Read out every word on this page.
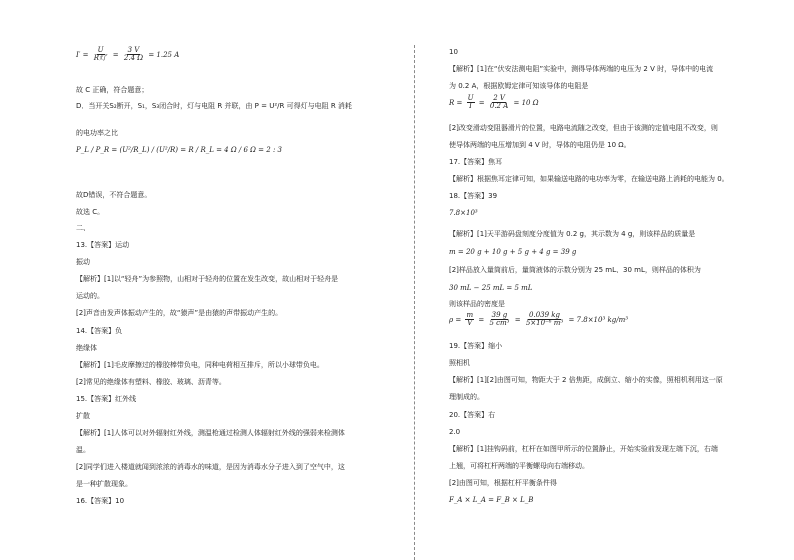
$I' = \frac{U}{\text{R灯′}} = \frac{3 V}{2.4 \Omega} = 1.25$ A
故 C 正确，符合题意；
D．当开关S₂断开，S₁，S₃闭合时，灯与电阻 R 并联，由 P = U²/R 可得灯与电阻 R 消耗
的电功率之比
P_L / P_R = (U²/R_L) / (U²/R) = R / R_L = 4 Ω / 6 Ω = 2 : 3
故D错误，不符合题意。
故选 C。
二、
13.【答案】运动
振动
【解析】[1]以“轻舟”为参照物，山相对于轻舟的位置在发生改变，故山相对于轻舟是
运动的。
[2]声音由发声体振动产生的，故“猿声”是由猿的声带振动产生的。
14.【答案】负
绝缘体
【解析】[1]毛皮摩擦过的橡胶棒带负电，同种电荷相互排斥，所以小球带负电。
[2]常见的绝缘体有塑料、橡胶、玻璃、沥青等。
15.【答案】红外线
扩散
【解析】[1]人体可以对外辐射红外线，测温枪通过检测人体辐射红外线的强弱来检测体
温。
[2]同学们进入楼道就闻到浓浓的消毒水的味道，是因为消毒水分子进入到了空气中，这
是一种扩散现象。
16.【答案】10
10
【解析】[1]在“伏安法测电阻”实验中，测得导体两端的电压为 2 V 时，导体中的电流
为 0.2 A，根据欧姆定律可知该导体的电阻是
$R = \frac{U}{I} = \frac{2 V}{0.2 A} = 10$ Ω
[2]改变滑动变阻器滑片的位置，电路电流随之改变，但由于该测的定值电阻不改变，则
使导体两端的电压增加到 4 V 时，导体的电阻仍是 10 Ω。
17.【答案】焦耳
【解析】根据焦耳定律可知，如果输送电路的电功率为零，在输送电路上消耗的电能为 0。
18.【答案】39
7.8×10³
【解析】[1]天平游码盘刻度分度值为 0.2 g，其示数为 4 g，则该样品的质量是
m = 20 g + 10 g + 5 g + 4 g = 39 g
[2]样品放入量筒前后，量筒液体的示数分别为 25 mL、30 mL，则样品的体积为
30 mL − 25 mL = 5 mL
则该样品的密度是
$\rho = \frac{m}{V} = \frac{39 g}{\text{5 cm³}} = \frac{0.039 kg}{\text{5×10⁻⁶ m³}} = 7.8\times 10^3$ kg/m³
19.【答案】缩小
照相机
【解析】[1][2]由图可知，物距大于 2 倍焦距，成倒立、缩小的实像，照相机利用这一原
理制成的。
20.【答案】右
2.0
【解析】[1]挂钩码前，杠杆在如图甲所示的位置静止，开始实验前发现左端下沉，右端
上翘，可将杠杆两端的平衡螺母向右端移动。
[2]由图可知，根据杠杆平衡条件得
F_A × L_A = F_B × L_B
